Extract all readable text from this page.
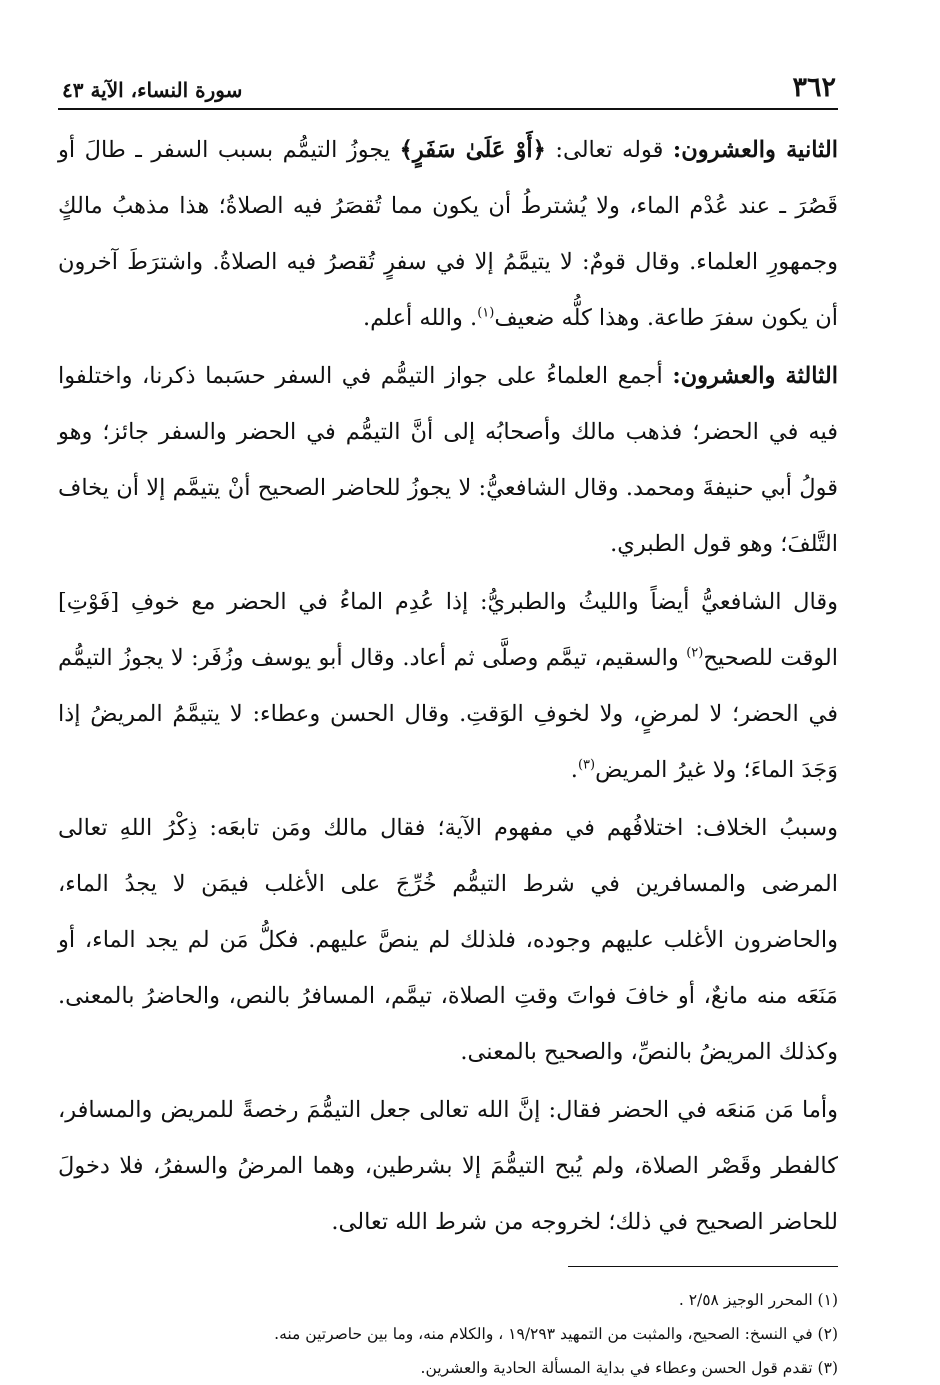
٣٦٢
سورة النساء، الآية ٤٣

الثانية والعشرون: قوله تعالى: ﴿أَوْ عَلَىٰ سَفَرٍ﴾ يجوزُ التيمُّم بسبب السفر ـ طالَ أو قَصُرَ ـ عند عُدْم الماء، ولا يُشترطُ أن يكون مما تُقصَرُ فيه الصلاةُ؛ هذا مذهبُ مالكٍ وجمهورِ العلماء. وقال قومٌ: لا يتيمَّمُ إلا في سفرٍ تُقصرُ فيه الصلاةُ. واشترَطَ آخرون أن يكون سفرَ طاعة. وهذا كلُّه ضعيف$^{(١)}$. والله أعلم.

الثالثة والعشرون: أجمع العلماءُ على جواز التيمُّم في السفر حسَبما ذكرنا، واختلفوا فيه في الحضر؛ فذهب مالك وأصحابُه إلى أنَّ التيمُّم في الحضر والسفر جائز؛ وهو قولُ أبي حنيفةَ ومحمد. وقال الشافعيُّ: لا يجوزُ للحاضر الصحيح أنْ يتيمَّم إلا أن يخاف التَّلفَ؛ وهو قول الطبري.

وقال الشافعيُّ أيضاً والليثُ والطبريُّ: إذا عُدِم الماءُ في الحضر مع خوفِ [فَوْتِ] الوقت للصحيح$^{(٢)}$ والسقيم، تيمَّم وصلَّى ثم أعاد. وقال أبو يوسف وزُفَر: لا يجوزُ التيمُّم في الحضر؛ لا لمرضٍ، ولا لخوفِ الوَقتِ. وقال الحسن وعطاء: لا يتيمَّمُ المريضُ إذا وَجَدَ الماءَ؛ ولا غيرُ المريض$^{(٣)}$.

وسببُ الخلاف: اختلافُهم في مفهوم الآية؛ فقال مالك ومَن تابعَه: ذِكْرُ اللهِ تعالى المرضى والمسافرين في شرط التيمُّم خُرِّجَ على الأغلب فيمَن لا يجدُ الماء، والحاضرون الأغلب عليهم وجوده، فلذلك لم ينصَّ عليهم. فكلُّ مَن لم يجد الماء، أو مَنَعَه منه مانعٌ، أو خافَ فواتَ وقتِ الصلاة، تيمَّم، المسافرُ بالنص، والحاضرُ بالمعنى. وكذلك المريضُ بالنصِّ، والصحيح بالمعنى.

وأما مَن مَنعَه في الحضر فقال: إنَّ الله تعالى جعل التيمُّمَ رخصةً للمريض والمسافر، كالفطر وقَصْر الصلاة، ولم يُبح التيمُّمَ إلا بشرطين، وهما المرضُ والسفرُ، فلا دخولَ للحاضر الصحيح في ذلك؛ لخروجه من شرط الله تعالى.

(١) المحرر الوجيز ٢/٥٨ .

(٢) في النسخ: الصحيح، والمثبت من التمهيد ١٩/٢٩٣ ، والكلام منه، وما بين حاصرتين منه.

(٣) تقدم قول الحسن وعطاء في بداية المسألة الحادية والعشرين.
